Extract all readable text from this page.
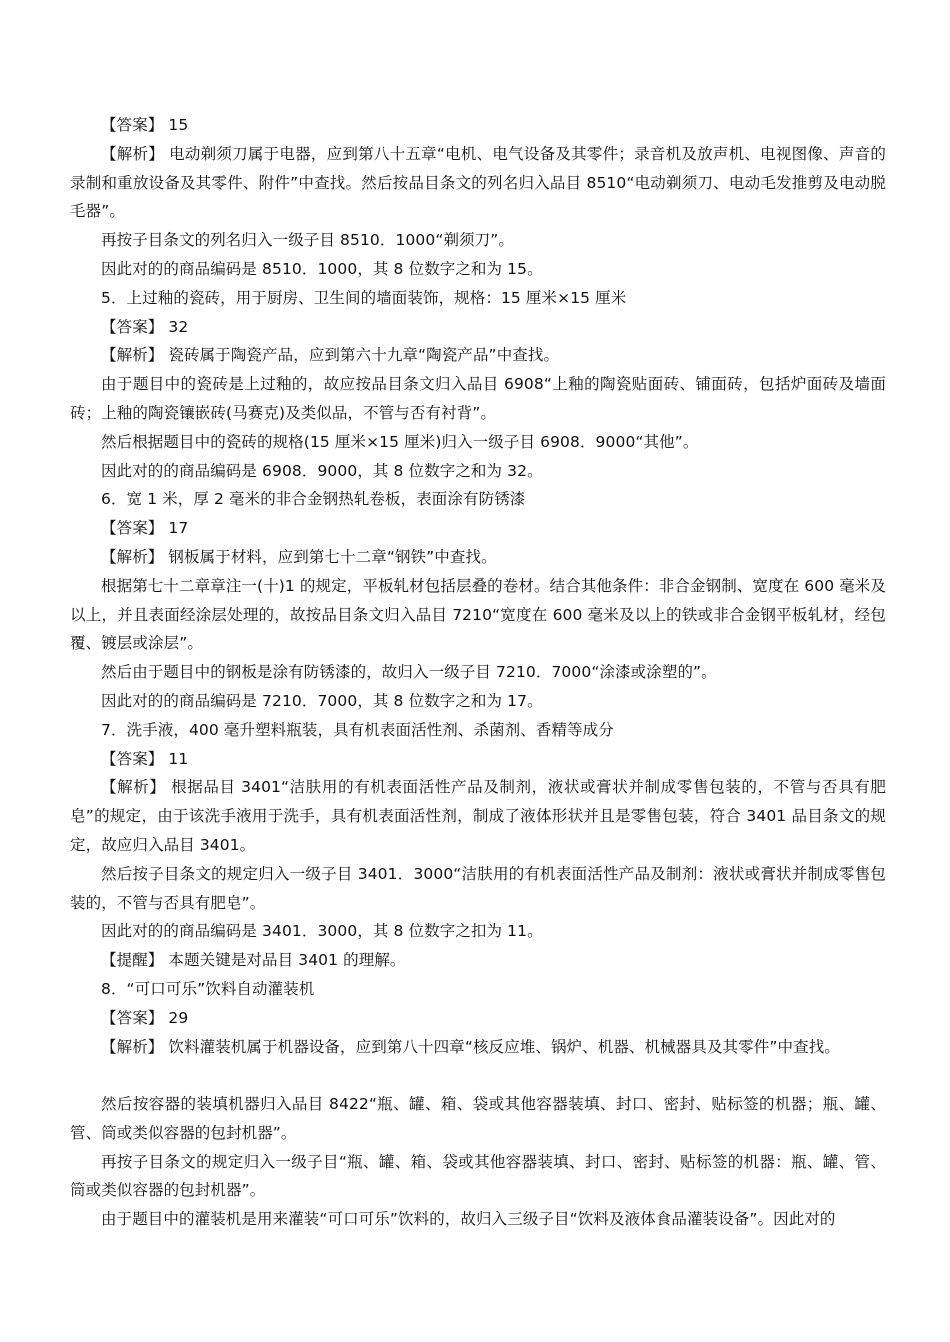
【答案】 15

【解析】 电动剃须刀属于电器，应到第八十五章“电机、电气设备及其零件；录音机及放声机、电视图像、声音的录制和重放设备及其零件、附件”中查找。然后按品目条文的列名归入品目 8510“电动剃须刀、电动毛发推剪及电动脱毛器”。

再按子目条文的列名归入一级子目 8510．1000“剃须刀”。

因此对的的商品编码是 8510．1000，其 8 位数字之和为 15。

5．上过釉的瓷砖，用于厨房、卫生间的墙面装饰，规格：15 厘米×15 厘米

【答案】 32

【解析】 瓷砖属于陶瓷产品，应到第六十九章“陶瓷产品”中查找。

由于题目中的瓷砖是上过釉的，故应按品目条文归入品目 6908“上釉的陶瓷贴面砖、铺面砖，包括炉面砖及墙面砖；上釉的陶瓷镶嵌砖(马赛克)及类似品，不管与否有衬背”。

然后根据题目中的瓷砖的规格(15 厘米×15 厘米)归入一级子目 6908．9000“其他”。

因此对的的商品编码是 6908．9000，其 8 位数字之和为 32。

6．宽 1 米，厚 2 毫米的非合金钢热轧卷板，表面涂有防锈漆

【答案】 17

【解析】 钢板属于材料，应到第七十二章“钢铁”中查找。

根据第七十二章章注一(十)1 的规定，平板轧材包括层叠的卷材。结合其他条件：非合金钢制、宽度在 600 毫米及以上，并且表面经涂层处理的，故按品目条文归入品目 7210“宽度在 600 毫米及以上的铁或非合金钢平板轧材，经包覆、镀层或涂层”。

然后由于题目中的钢板是涂有防锈漆的，故归入一级子目 7210．7000“涂漆或涂塑的”。

因此对的的商品编码是 7210．7000，其 8 位数字之和为 17。

7．洗手液，400 毫升塑料瓶装，具有机表面活性剂、杀菌剂、香精等成分

【答案】 11

【解析】 根据品目 3401“洁肤用的有机表面活性产品及制剂，液状或膏状并制成零售包装的，不管与否具有肥皂”的规定，由于该洗手液用于洗手，具有机表面活性剂，制成了液体形状并且是零售包装，符合 3401 品目条文的规定，故应归入品目 3401。

然后按子目条文的规定归入一级子目 3401．3000“洁肤用的有机表面活性产品及制剂：液状或膏状并制成零售包装的，不管与否具有肥皂”。

因此对的的商品编码是 3401．3000，其 8 位数字之扣为 11。

【提醒】 本题关键是对品目 3401 的理解。

8．“可口可乐”饮料自动灌装机

【答案】 29

【解析】 饮料灌装机属于机器设备，应到第八十四章“核反应堆、锅炉、机器、机械器具及其零件”中查找。

然后按容器的装填机器归入品目 8422“瓶、罐、箱、袋或其他容器装填、封口、密封、贴标签的机器；瓶、罐、管、筒或类似容器的包封机器”。

再按子目条文的规定归入一级子目“瓶、罐、箱、袋或其他容器装填、封口、密封、贴标签的机器：瓶、罐、管、筒或类似容器的包封机器”。

由于题目中的灌装机是用来灌装“可口可乐”饮料的，故归入三级子目“饮料及液体食品灌装设备”。因此对的
